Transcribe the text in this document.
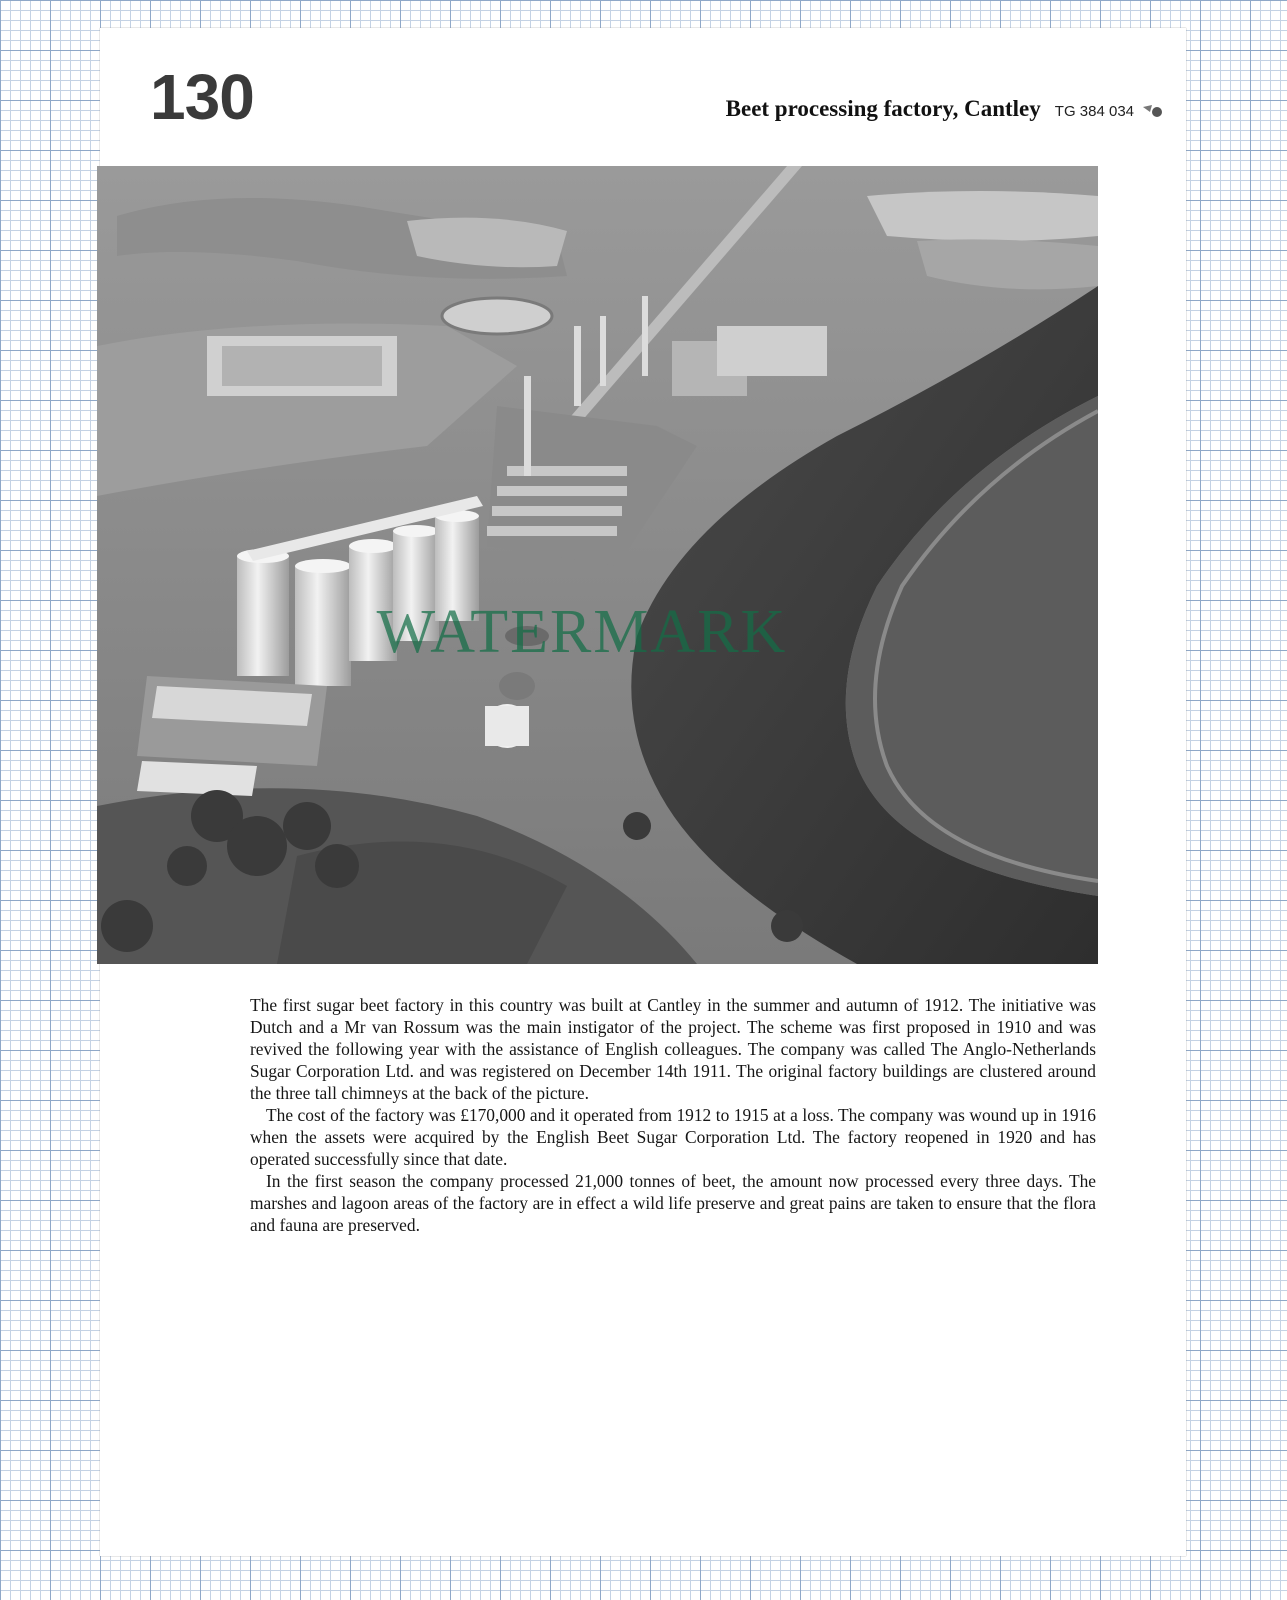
130	Beet processing factory, Cantley TG 384 034
WATERMARK

The first sugar beet factory in this country was built at Cantley in the summer and autumn of 1912. The initiative was Dutch and a Mr van Rossum was the main instigator of the project. The scheme was first proposed in 1910 and was revived the following year with the assistance of English colleagues. The company was called The Anglo-Netherlands Sugar Corporation Ltd. and was registered on December 14th 1911. The original factory buildings are clustered around the three tall chimneys at the back of the picture.

The cost of the factory was £170,000 and it operated from 1912 to 1915 at a loss. The company was wound up in 1916 when the assets were acquired by the English Beet Sugar Corporation Ltd. The factory reopened in 1920 and has operated successfully since that date.

In the first season the company processed 21,000 tonnes of beet, the amount now processed every three days. The marshes and lagoon areas of the factory are in effect a wild life preserve and great pains are taken to ensure that the flora and fauna are preserved.
